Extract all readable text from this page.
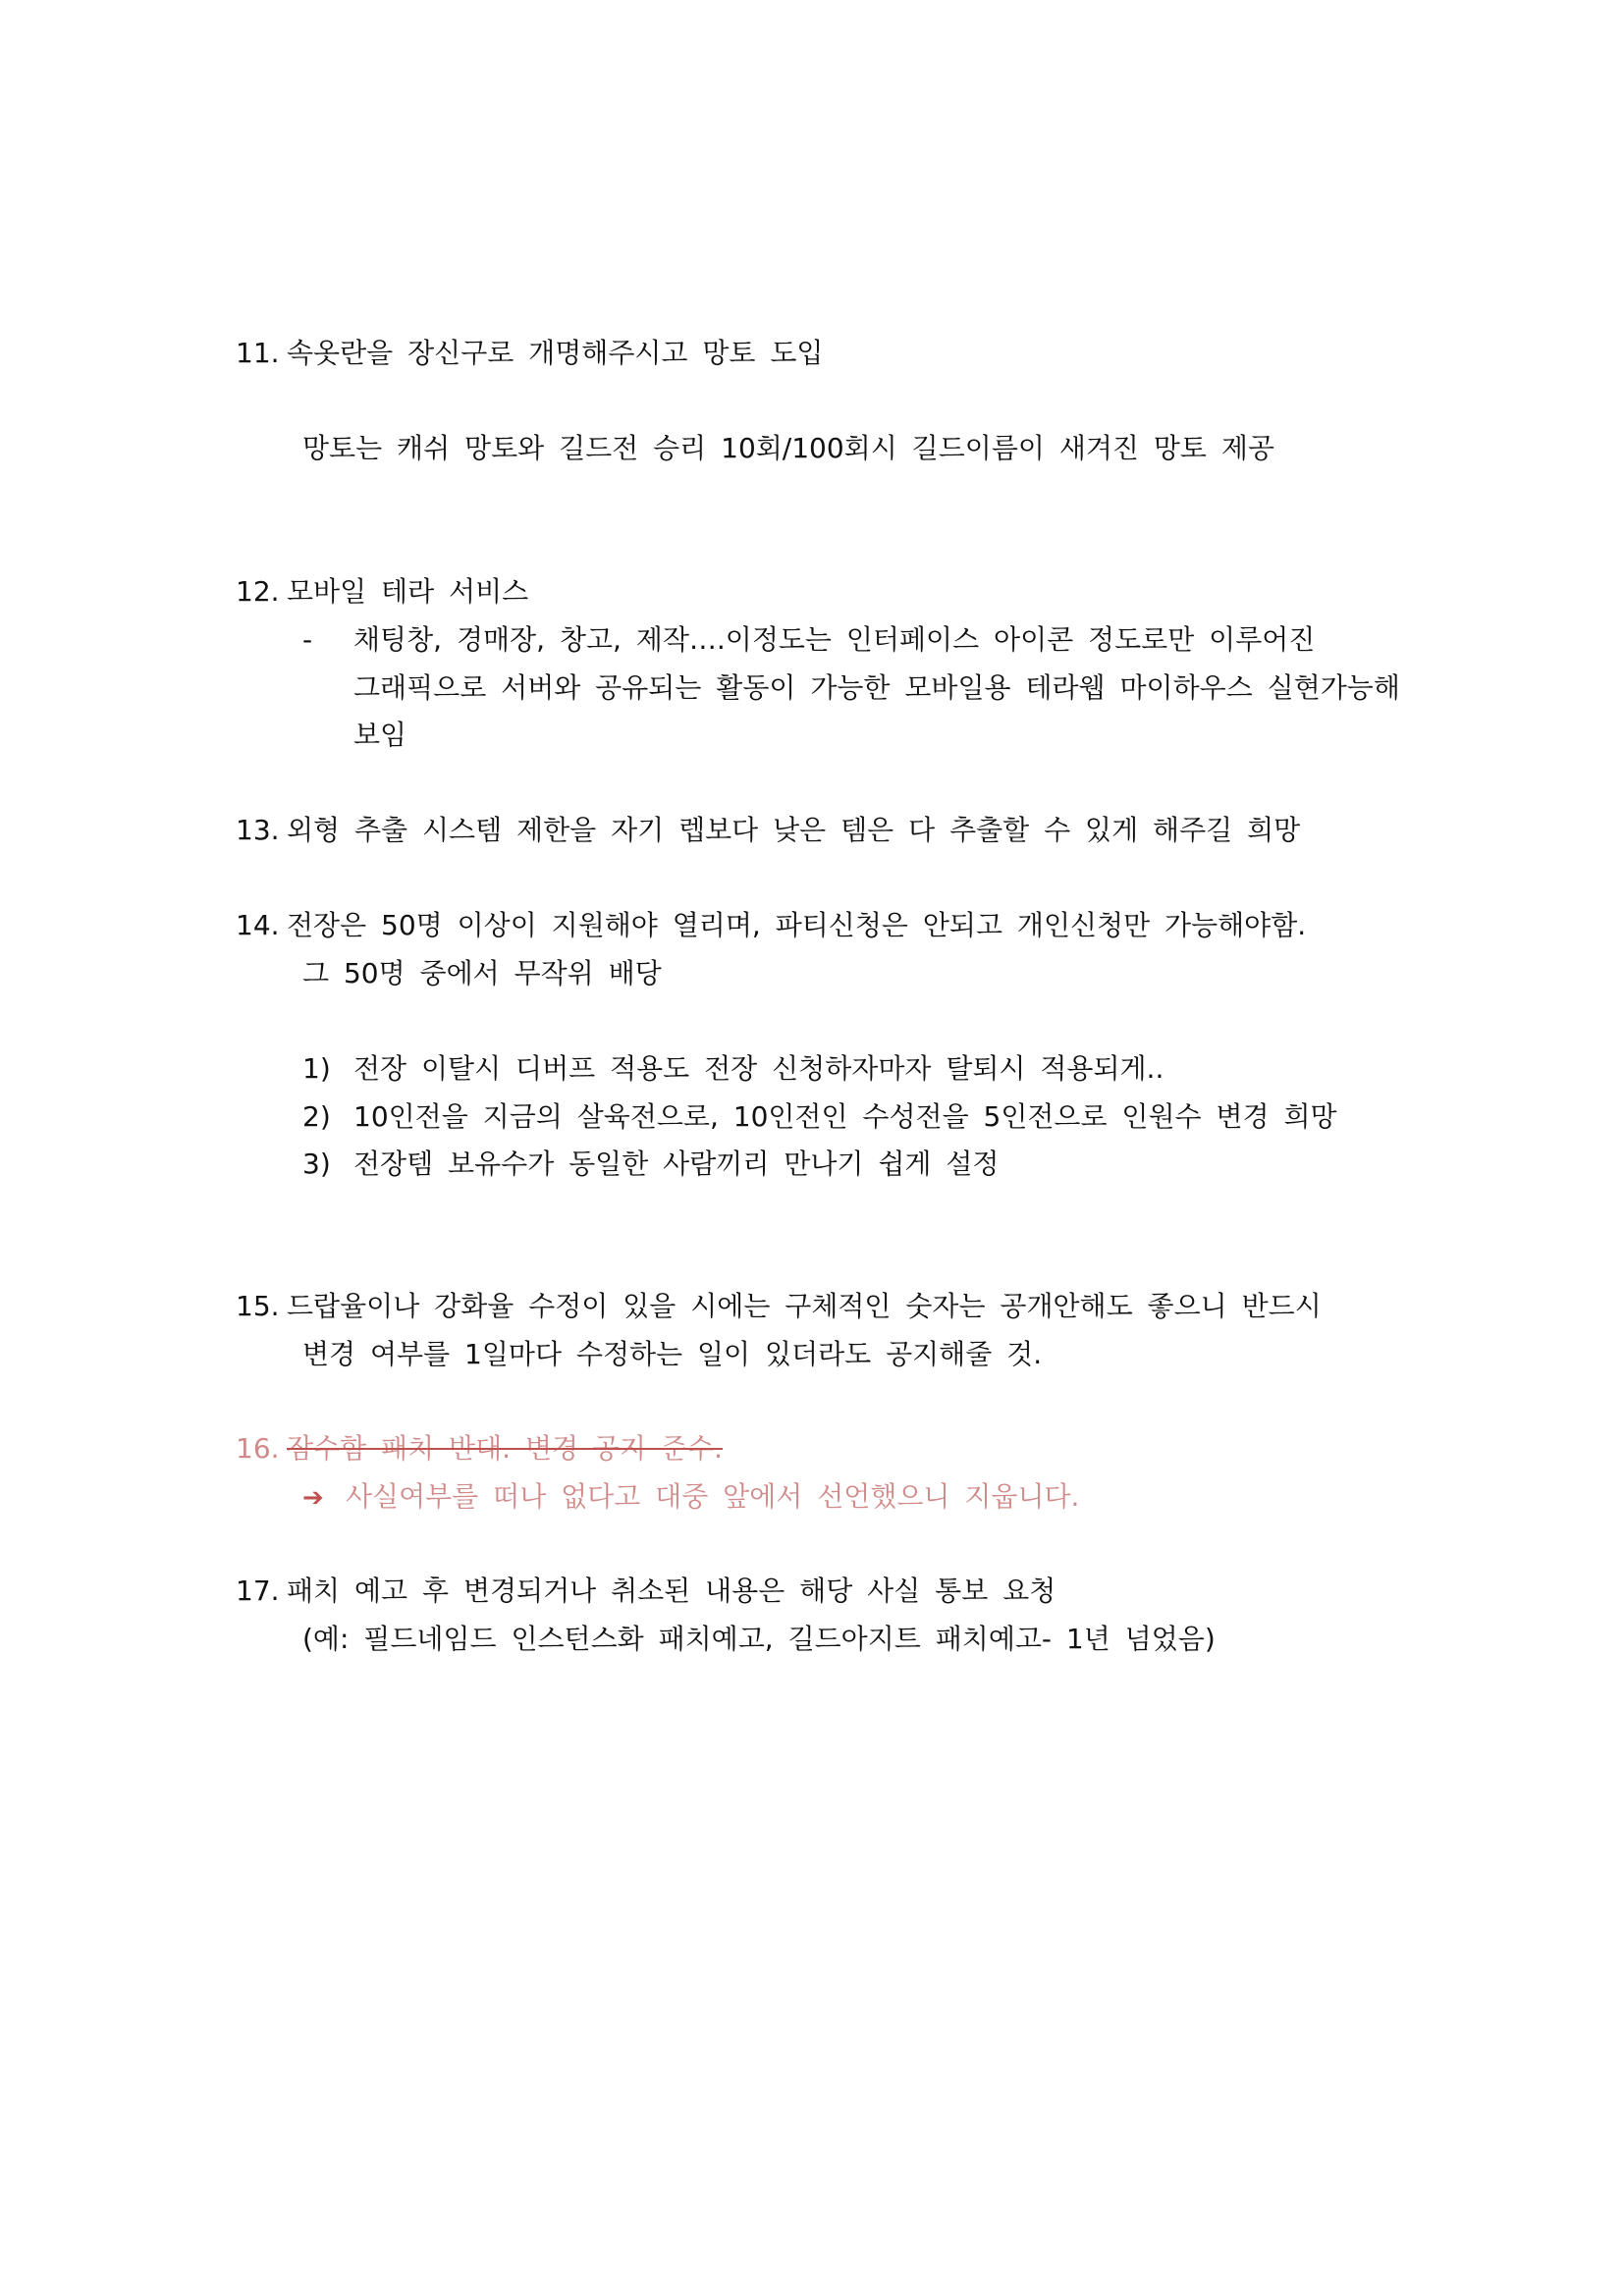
11. 속옷란을 장신구로 개명해주시고 망토 도입

망토는 캐쉬 망토와 길드전 승리 10회/100회시 길드이름이 새겨진 망토 제공

12. 모바일 테라 서비스

- 채팅창, 경매장, 창고, 제작….이정도는 인터페이스 아이콘 정도로만 이루어진

그래픽으로 서버와 공유되는 활동이 가능한 모바일용 테라웹 마이하우스 실현가능해

보임

13. 외형 추출 시스템 제한을 자기 렙보다 낮은 템은 다 추출할 수 있게 해주길 희망

14. 전장은 50명 이상이 지원해야 열리며, 파티신청은 안되고 개인신청만 가능해야함.

그 50명 중에서 무작위 배당

1) 전장 이탈시 디버프 적용도 전장 신청하자마자 탈퇴시 적용되게..

2) 10인전을 지금의 살육전으로, 10인전인 수성전을 5인전으로 인원수 변경 희망

3) 전장템 보유수가 동일한 사람끼리 만나기 쉽게 설정

15. 드랍율이나 강화율 수정이 있을 시에는 구체적인 숫자는 공개안해도 좋으니 반드시

변경 여부를 1일마다 수정하는 일이 있더라도 공지해줄 것.

16. 잠수함 패치 반대. 변경 공지 준수.

➔ 사실여부를 떠나 없다고 대중 앞에서 선언했으니 지웁니다.

17. 패치 예고 후 변경되거나 취소된 내용은 해당 사실 통보 요청

(예: 필드네임드 인스턴스화 패치예고, 길드아지트 패치예고- 1년 넘었음)
